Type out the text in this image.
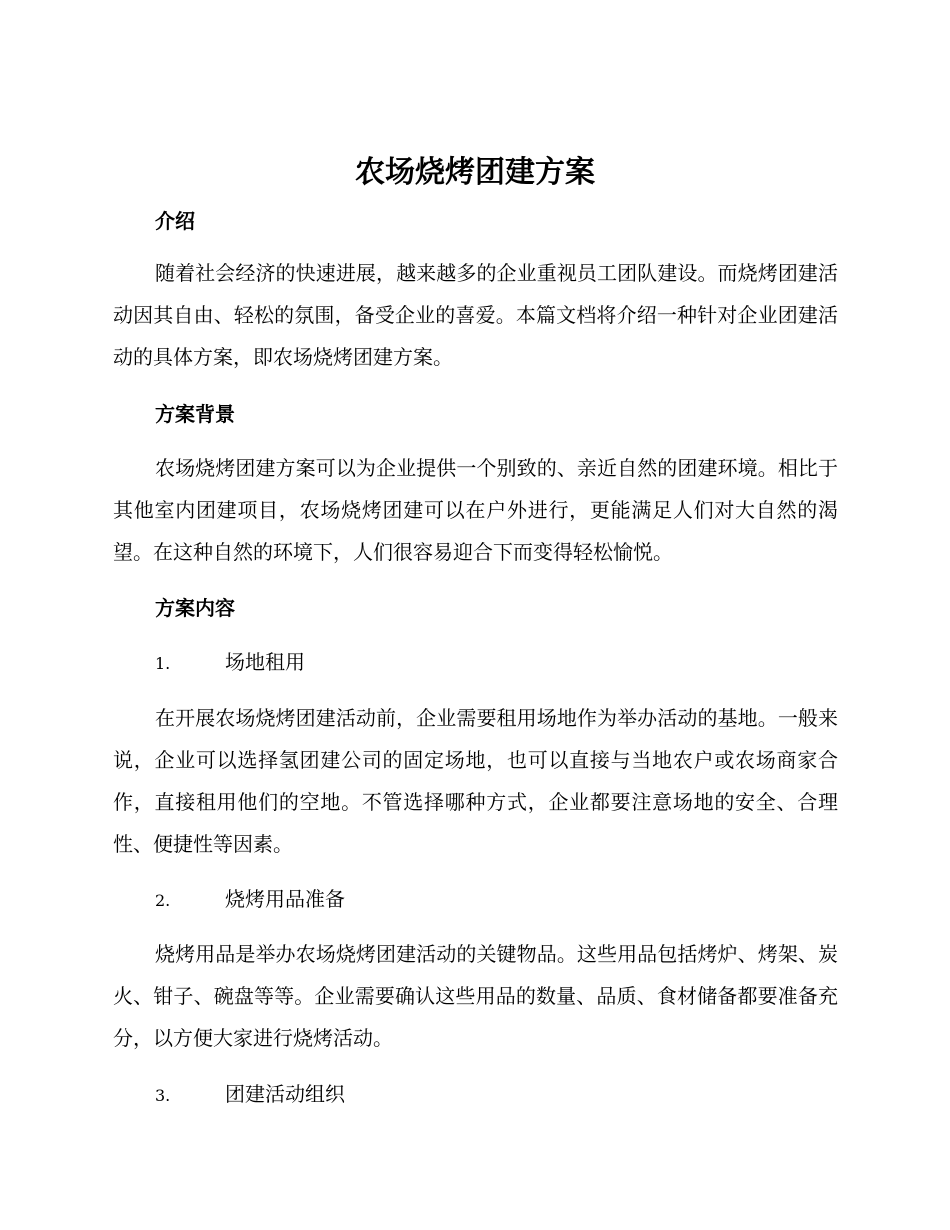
农场烧烤团建方案
介绍

随着社会经济的快速进展，越来越多的企业重视员工团队建设。而烧烤团建活动因其自由、轻松的氛围，备受企业的喜爱。本篇文档将介绍一种针对企业团建活动的具体方案，即农场烧烤团建方案。

方案背景

农场烧烤团建方案可以为企业提供一个别致的、亲近自然的团建环境。相比于其他室内团建项目，农场烧烤团建可以在户外进行，更能满足人们对大自然的渴望。在这种自然的环境下，人们很容易迎合下而变得轻松愉悦。

方案内容
1.	场地租用

在开展农场烧烤团建活动前，企业需要租用场地作为举办活动的基地。一般来说，企业可以选择氢团建公司的固定场地，也可以直接与当地农户或农场商家合作，直接租用他们的空地。不管选择哪种方式，企业都要注意场地的安全、合理性、便捷性等因素。

2.	烧烤用品准备

烧烤用品是举办农场烧烤团建活动的关键物品。这些用品包括烤炉、烤架、炭火、钳子、碗盘等等。企业需要确认这些用品的数量、品质、食材储备都要准备充分，以方便大家进行烧烤活动。

3.	团建活动组织
